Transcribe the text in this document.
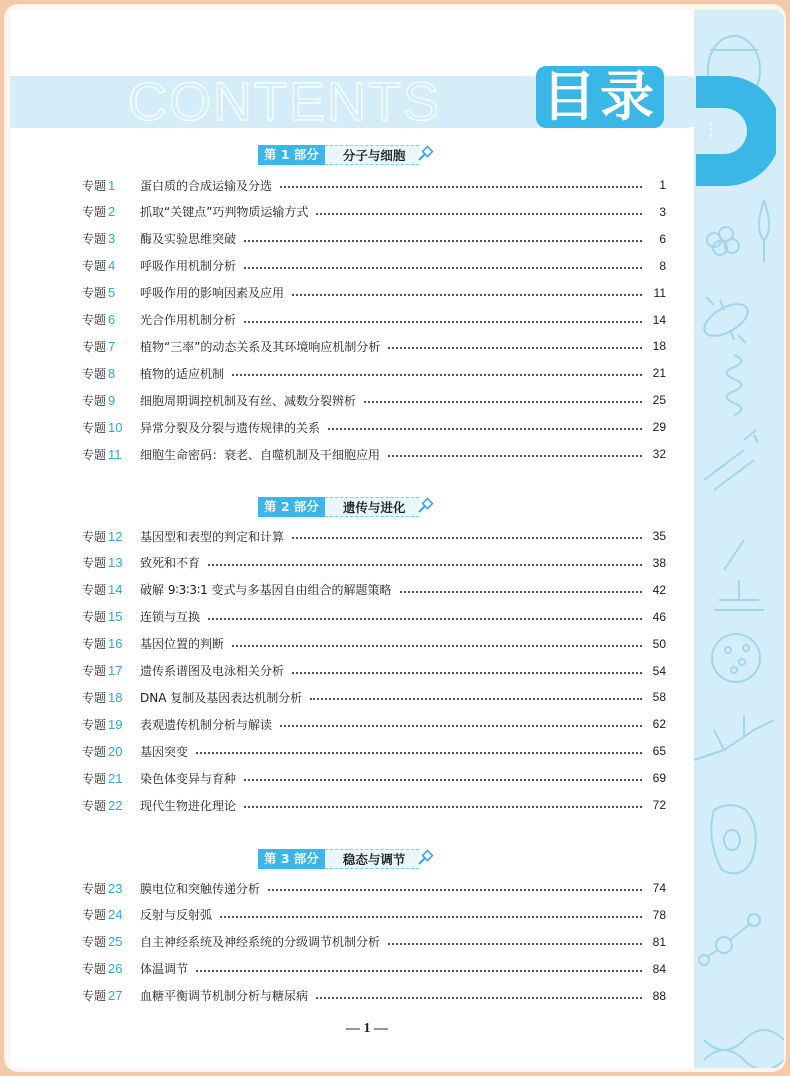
CONTENTS 目录
第 1 部分	分子与细胞
第 2 部分	遗传与进化
第 3 部分	稳态与调节
专题 1	蛋白质的合成运输及分选	1
专题 2	抓取“关键点”巧判物质运输方式	3
专题 3	酶及实验思维突破	6
专题 4	呼吸作用机制分析	8
专题 5	呼吸作用的影响因素及应用	11
专题 6	光合作用机制分析	14
专题 7	植物“三率”的动态关系及其环境响应机制分析	18
专题 8	植物的适应机制	21
专题 9	细胞周期调控机制及有丝、减数分裂辨析	25
专题 10	异常分裂及分裂与遗传规律的关系	29
专题 11	细胞生命密码：衰老、自噬机制及干细胞应用	32
专题 12	基因型和表型的判定和计算	35
专题 13	致死和不育	38
专题 14	破解 9∶3∶3∶1 变式与多基因自由组合的解题策略	42
专题 15	连锁与互换	46
专题 16	基因位置的判断	50
专题 17	遗传系谱图及电泳相关分析	54
专题 18	DNA 复制及基因表达机制分析	58
专题 19	表观遗传机制分析与解读	62
专题 20	基因突变	65
专题 21	染色体变异与育种	69
专题 22	现代生物进化理论	72
专题 23	膜电位和突触传递分析	74
专题 24	反射与反射弧	78
专题 25	自主神经系统及神经系统的分级调节机制分析	81
专题 26	体温调节	84
专题 27	血糖平衡调节机制分析与糖尿病	88
— 1 —
